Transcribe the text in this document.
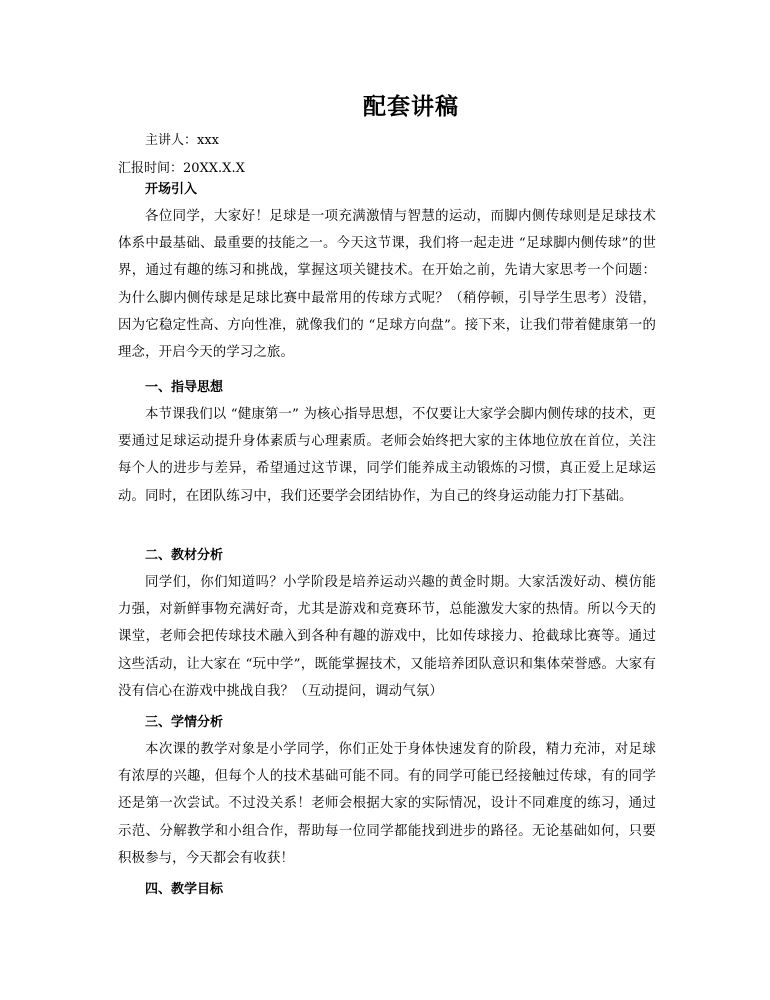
配套讲稿

主讲人：xxx

汇报时间：20XX.X.X

开场引入

各位同学，大家好！足球是一项充满激情与智慧的运动，而脚内侧传球则是足球技术体系中最基础、最重要的技能之一。今天这节课，我们将一起走进 “足球脚内侧传球”的世界，通过有趣的练习和挑战，掌握这项关键技术。在开始之前，先请大家思考一个问题：为什么脚内侧传球是足球比赛中最常用的传球方式呢？（稍停顿，引导学生思考）没错，因为它稳定性高、方向性准，就像我们的 “足球方向盘”。接下来，让我们带着健康第一的理念，开启今天的学习之旅。

一、指导思想

本节课我们以 “健康第一” 为核心指导思想，不仅要让大家学会脚内侧传球的技术，更要通过足球运动提升身体素质与心理素质。老师会始终把大家的主体地位放在首位，关注每个人的进步与差异，希望通过这节课，同学们能养成主动锻炼的习惯，真正爱上足球运动。同时，在团队练习中，我们还要学会团结协作，为自己的终身运动能力打下基础。

二、教材分析

同学们，你们知道吗？小学阶段是培养运动兴趣的黄金时期。大家活泼好动、模仿能力强，对新鲜事物充满好奇，尤其是游戏和竞赛环节，总能激发大家的热情。所以今天的课堂，老师会把传球技术融入到各种有趣的游戏中，比如传球接力、抢截球比赛等。通过这些活动，让大家在 “玩中学”，既能掌握技术，又能培养团队意识和集体荣誉感。大家有没有信心在游戏中挑战自我？（互动提问，调动气氛）

三、学情分析

本次课的教学对象是小学同学，你们正处于身体快速发育的阶段，精力充沛，对足球有浓厚的兴趣，但每个人的技术基础可能不同。有的同学可能已经接触过传球，有的同学还是第一次尝试。不过没关系！老师会根据大家的实际情况，设计不同难度的练习，通过示范、分解教学和小组合作，帮助每一位同学都能找到进步的路径。无论基础如何，只要积极参与，今天都会有收获！

四、教学目标
